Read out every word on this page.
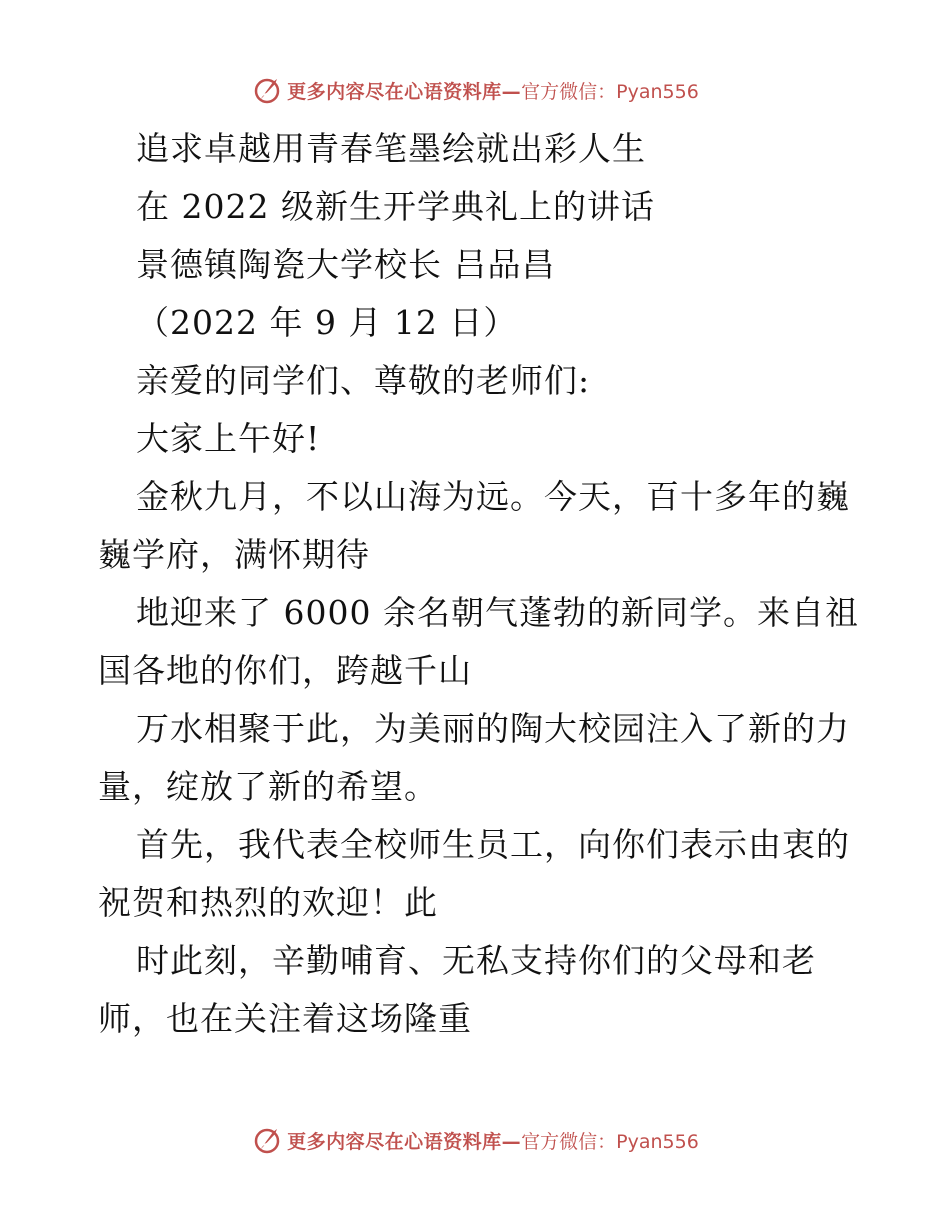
更多内容尽在心语资料库— 官方微信：Pyan556
追求卓越用青春笔墨绘就出彩人生
在 2022 级新生开学典礼上的讲话
景德镇陶瓷大学校长 吕品昌
（2022 年 9 月 12 日）
亲爱的同学们、尊敬的老师们:
大家上午好!
金秋九月，不以山海为远。今天，百十多年的巍
巍学府，满怀期待
地迎来了 6000 余名朝气蓬勃的新同学。来自祖
国各地的你们，跨越千山
万水相聚于此，为美丽的陶大校园注入了新的力
量，绽放了新的希望。
首先，我代表全校师生员工，向你们表示由衷的
祝贺和热烈的欢迎！此
时此刻，辛勤哺育、无私支持你们的父母和老
师，也在关注着这场隆重
更多内容尽在心语资料库— 官方微信：Pyan556
